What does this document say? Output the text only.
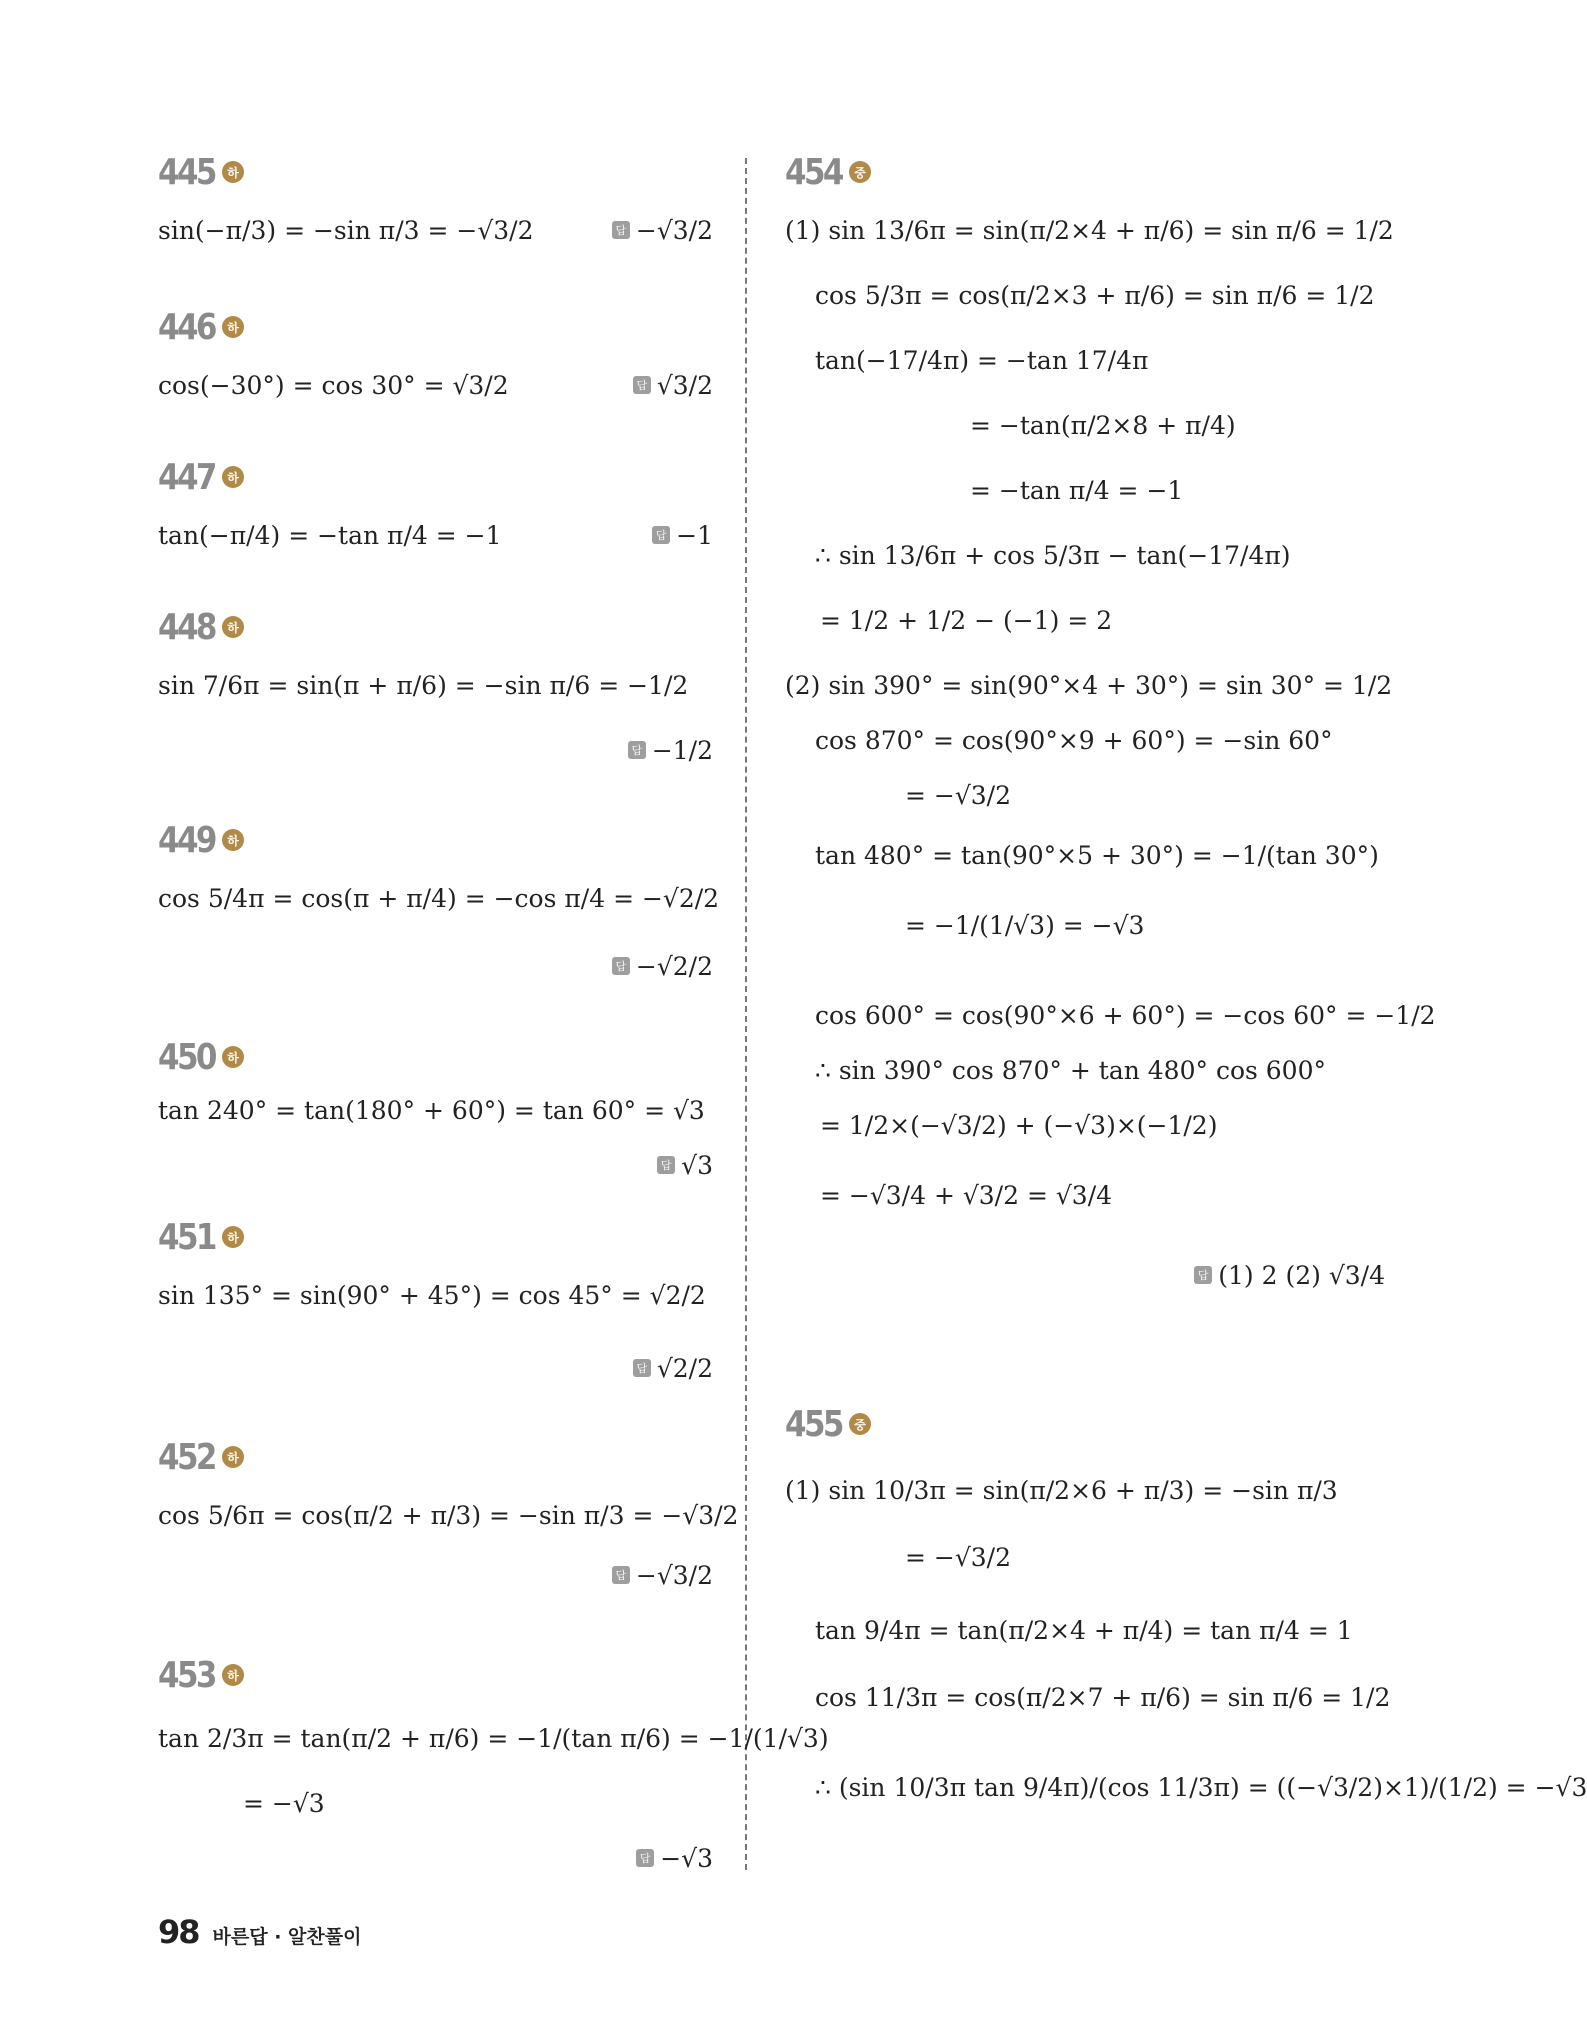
445	하
sin(−π/3) = −sin π/3 = −√3/2	답 −√3/2
446	하
cos(−30°) = cos 30° = √3/2	답 √3/2
447	하
tan(−π/4) = −tan π/4 = −1	답 −1
448	하
sin 7/6π = sin(π + π/6) = −sin π/6 = −1/2
답 −1/2
449	하
cos 5/4π = cos(π + π/4) = −cos π/4 = −√2/2
답 −√2/2
450	하
tan 240° = tan(180° + 60°) = tan 60° = √3
답 √3
451	하
sin 135° = sin(90° + 45°) = cos 45° = √2/2
답 √2/2
452	하
cos 5/6π = cos(π/2 + π/3) = −sin π/3 = −√3/2
답 −√3/2
453	하
tan 2/3π = tan(π/2 + π/6) = −1/(tan π/6) = −1/(1/√3)
= −√3
답 −√3
454	중
(1) sin 13/6π = sin(π/2×4 + π/6) = sin π/6 = 1/2
cos 5/3π = cos(π/2×3 + π/6) = sin π/6 = 1/2
tan(−17/4π) = −tan 17/4π
= −tan(π/2×8 + π/4)
= −tan π/4 = −1
∴ sin 13/6π + cos 5/3π − tan(−17/4π)
= 1/2 + 1/2 − (−1) = 2
(2) sin 390° = sin(90°×4 + 30°) = sin 30° = 1/2
cos 870° = cos(90°×9 + 60°) = −sin 60°
= −√3/2
tan 480° = tan(90°×5 + 30°) = −1/(tan 30°)
= −1/(1/√3) = −√3
cos 600° = cos(90°×6 + 60°) = −cos 60° = −1/2
∴ sin 390° cos 870° + tan 480° cos 600°
= 1/2×(−√3/2) + (−√3)×(−1/2)
= −√3/4 + √3/2 = √3/4
답 (1) 2 (2) √3/4
455	중
(1) sin 10/3π = sin(π/2×6 + π/3) = −sin π/3
= −√3/2
tan 9/4π = tan(π/2×4 + π/4) = tan π/4 = 1
cos 11/3π = cos(π/2×7 + π/6) = sin π/6 = 1/2
∴ (sin 10/3π tan 9/4π)/(cos 11/3π) = ((−√3/2)×1)/(1/2) = −√3
98 바른답 · 알찬풀이
